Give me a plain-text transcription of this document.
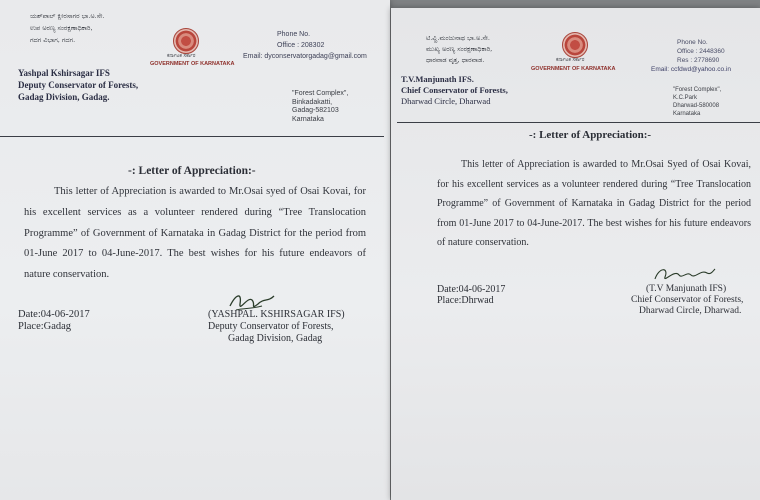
ಯಶ್‌ಪಾಲ್ ಕ್ಷೀರಸಾಗರ ಭಾ.ಅ.ಸೇ.
ಉಪ ಅರಣ್ಯ ಸಂರಕ್ಷಣಾಧಿಕಾರಿ,
ಗದಗ ವಿಭಾಗ, ಗದಗ.
ಕರ್ನಾಟಕ ಸರ್ಕಾರ
GOVERNMENT OF KARNATAKA
Phone No.
Office : 208302
Email: dyconservatorgadag@gmail.com
Yashpal Kshirsagar IFS
Deputy Conservator of Forests,
Gadag Division, Gadag.	"Forest Complex",
Binkadakatti,
Gadag-582103
Karnataka
-: Letter of Appreciation:-
This letter of Appreciation is awarded to Mr.Osai syed of Osai Kovai, for his excellent services as a volunteer rendered during “Tree Translocation Programme” of Government of Karnataka in Gadag District for the period from 01-June 2017 to 04-June-2017. The best wishes for his future endeavors of nature conservation.
Date:04-06-2017
Place:Gadag
(YASHPAL. KSHIRSAGAR IFS)
Deputy Conservator of Forests,
Gadag Division, Gadag
ಟಿ.ವ್ಹಿ.ಮಂಜುನಾಥ ಭಾ.ಅ.ಸೇ.
ಮುಖ್ಯ ಅರಣ್ಯ ಸಂರಕ್ಷಣಾಧಿಕಾರಿ,
ಧಾರವಾಡ ವೃತ್ತ, ಧಾರವಾಡ.	ಕರ್ನಾಟಕ ಸರ್ಕಾರ
GOVERNMENT OF KARNATAKA
Phone No.
Office : 2448360
Res : 2778690
Email: ccfdwd@yahoo.co.in
T.V.Manjunath IFS.
Chief Conservator of Forests,
Dharwad Circle, Dharwad
"Forest Complex",
K.C.Park
Dharwad-580008
Karnataka
-: Letter of Appreciation:-
This letter of Appreciation is awarded to Mr.Osai Syed of Osai Kovai, for his excellent services as a volunteer rendered during “Tree Translocation Programme” of Government of Karnataka in Gadag District for the period from 01-June 2017 to 04-June-2017. The best wishes for his future endeavors of nature conservation.
Date:04-06-2017
Place:Dhrwad
(T.V Manjunath IFS)
Chief Conservator of Forests,
Dharwad Circle, Dharwad.
